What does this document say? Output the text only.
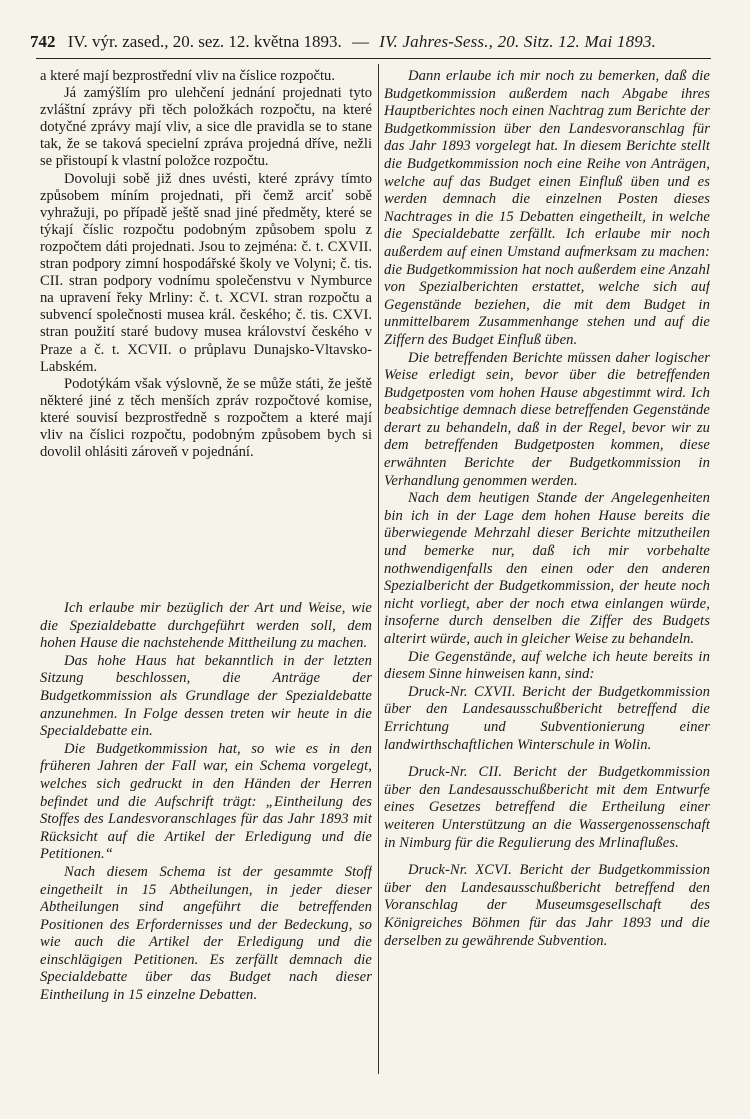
742 IV. výr. zased., 20. sez. 12. května 1893. — IV. Jahres-Sess., 20. Sitz. 12. Mai 1893.

a které mají bezprostřední vliv na číslice rozpočtu.

Já zamýšlím pro ulehčení jednání projednati tyto zvláštní zprávy při těch položkách rozpočtu, na které dotyčné zprávy mají vliv, a sice dle pravidla se to stane tak, že se taková specielní zpráva projedná dříve, nežli se přistoupí k vlastní položce rozpočtu.

Dovoluji sobě již dnes uvésti, které zprávy tímto způsobem míním projednati, při čemž arciť sobě vyhražuji, po případě ještě snad jiné předměty, které se týkají číslic rozpočtu podobným způsobem spolu z rozpočtem dáti projednati. Jsou to zejména: č. t. CXVII. stran podpory zimní hospodářské školy ve Volyni; č. tis. CII. stran podpory vodnímu společenstvu v Nymburce na upravení řeky Mrliny: č. t. XCVI. stran rozpočtu a subvencí společnosti musea král. českého; č. tis. CXVI. stran použití staré budovy musea království českého v Praze a č. t. XCVII. o průplavu Dunajsko-Vltavsko-Labském.

Podotýkám však výslovně, že se může státi, že ještě některé jiné z těch menších zpráv rozpočtové komise, které souvisí bezprostředně s rozpočtem a které mají vliv na číslici rozpočtu, podobným způsobem bych si dovolil ohlásiti zároveň v pojednání.

Ich erlaube mir bezüglich der Art und Weise, wie die Spezialdebatte durchgeführt werden soll, dem hohen Hause die nachstehende Mittheilung zu machen.

Das hohe Haus hat bekanntlich in der letzten Sitzung beschlossen, die Anträge der Budgetkommission als Grundlage der Spezialdebatte anzunehmen. In Folge dessen treten wir heute in die Specialdebatte ein.

Die Budgetkommission hat, so wie es in den früheren Jahren der Fall war, ein Schema vorgelegt, welches sich gedruckt in den Händen der Herren befindet und die Aufschrift trägt: „Eintheilung des Stoffes des Landesvoranschlages für das Jahr 1893 mit Rücksicht auf die Artikel der Erledigung und die Petitionen.“

Nach diesem Schema ist der gesammte Stoff eingetheilt in 15 Abtheilungen, in jeder dieser Abtheilungen sind angeführt die betreffenden Positionen des Erfordernisses und der Bedeckung, so wie auch die Artikel der Erledigung und die einschlägigen Petitionen. Es zerfällt demnach die Specialdebatte über das Budget nach dieser Eintheilung in 15 einzelne Debatten.

Dann erlaube ich mir noch zu bemerken, daß die Budgetkommission außerdem nach Abgabe ihres Hauptberichtes noch einen Nachtrag zum Berichte der Budgetkommission über den Landesvoranschlag für das Jahr 1893 vorgelegt hat. In diesem Berichte stellt die Budgetkommission noch eine Reihe von Anträgen, welche auf das Budget einen Einfluß üben und es werden demnach die einzelnen Posten dieses Nachtrages in die 15 Debatten eingetheilt, in welche die Specialdebatte zerfällt. Ich erlaube mir noch außerdem auf einen Umstand aufmerksam zu machen: die Budgetkommission hat noch außerdem eine Anzahl von Spezialberichten erstattet, welche sich auf Gegenstände beziehen, die mit dem Budget in unmittelbarem Zusammenhange stehen und auf die Ziffern des Budget Einfluß üben.

Die betreffenden Berichte müssen daher logischer Weise erledigt sein, bevor über die betreffenden Budgetposten vom hohen Hause abgestimmt wird. Ich beabsichtige demnach diese betreffenden Gegenstände derart zu behandeln, daß in der Regel, bevor wir zu dem betreffenden Budgetposten kommen, diese erwähnten Berichte der Budgetkommission in Verhandlung genommen werden.

Nach dem heutigen Stande der Angelegenheiten bin ich in der Lage dem hohen Hause bereits die überwiegende Mehrzahl dieser Berichte mitzutheilen und bemerke nur, daß ich mir vorbehalte nothwendigenfalls den einen oder den anderen Spezialbericht der Budgetkommission, der heute noch nicht vorliegt, aber der noch etwa einlangen würde, insoferne durch denselben die Ziffer des Budgets alterirt würde, auch in gleicher Weise zu behandeln.

Die Gegenstände, auf welche ich heute bereits in diesem Sinne hinweisen kann, sind:

Druck-Nr. CXVII. Bericht der Budgetkommission über den Landesausschußbericht betreffend die Errichtung und Subventionierung einer landwirthschaftlichen Winterschule in Wolin.

Druck-Nr. CII. Bericht der Budgetkommission über den Landesausschußbericht mit dem Entwurfe eines Gesetzes betreffend die Ertheilung einer weiteren Unterstützung an die Wassergenossenschaft in Nimburg für die Regulierung des Mrlinaflußes.

Druck-Nr. XCVI. Bericht der Budgetkommission über den Landesausschußbericht betreffend den Voranschlag der Museumsgesellschaft des Königreiches Böhmen für das Jahr 1893 und die derselben zu gewährende Subvention.
